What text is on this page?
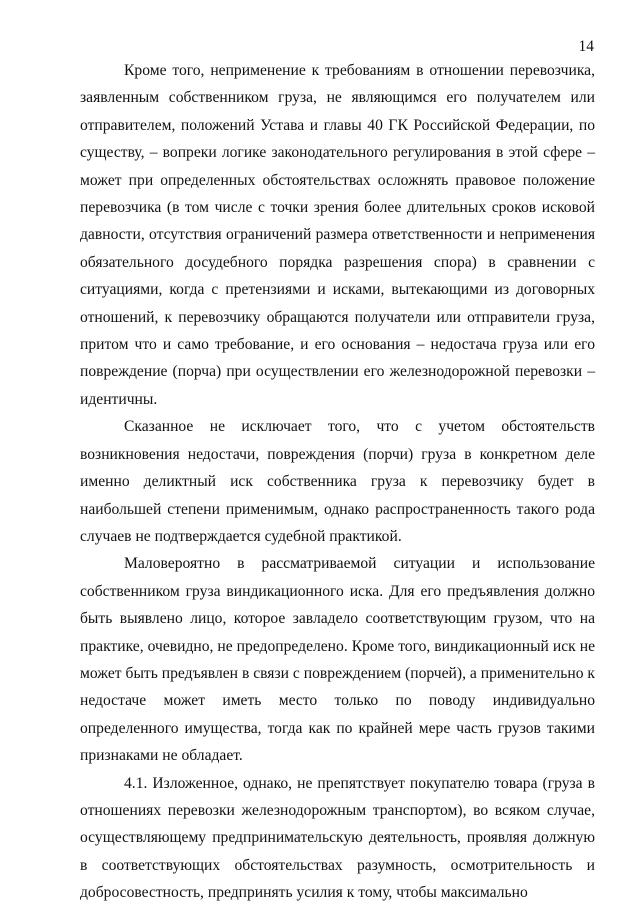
14

Кроме того, неприменение к требованиям в отношении перевозчика, заявленным собственником груза, не являющимся его получателем или отправителем, положений Устава и главы 40 ГК Российской Федерации, по существу, – вопреки логике законодательного регулирования в этой сфере – может при определенных обстоятельствах осложнять правовое положение перевозчика (в том числе с точки зрения более длительных сроков исковой давности, отсутствия ограничений размера ответственности и неприменения обязательного досудебного порядка разрешения спора) в сравнении с ситуациями, когда с претензиями и исками, вытекающими из договорных отношений, к перевозчику обращаются получатели или отправители груза, притом что и само требование, и его основания – недостача груза или его повреждение (порча) при осуществлении его железнодорожной перевозки – идентичны.

Сказанное не исключает того, что с учетом обстоятельств возникновения недостачи, повреждения (порчи) груза в конкретном деле именно деликтный иск собственника груза к перевозчику будет в наибольшей степени применимым, однако распространенность такого рода случаев не подтверждается судебной практикой.

Маловероятно в рассматриваемой ситуации и использование собственником груза виндикационного иска. Для его предъявления должно быть выявлено лицо, которое завладело соответствующим грузом, что на практике, очевидно, не предопределено. Кроме того, виндикационный иск не может быть предъявлен в связи с повреждением (порчей), а применительно к недостаче может иметь место только по поводу индивидуально определенного имущества, тогда как по крайней мере часть грузов такими признаками не обладает.

4.1. Изложенное, однако, не препятствует покупателю товара (груза в отношениях перевозки железнодорожным транспортом), во всяком случае, осуществляющему предпринимательскую деятельность, проявляя должную в соответствующих обстоятельствах разумность, осмотрительность и добросовестность, предпринять усилия к тому, чтобы максимально
